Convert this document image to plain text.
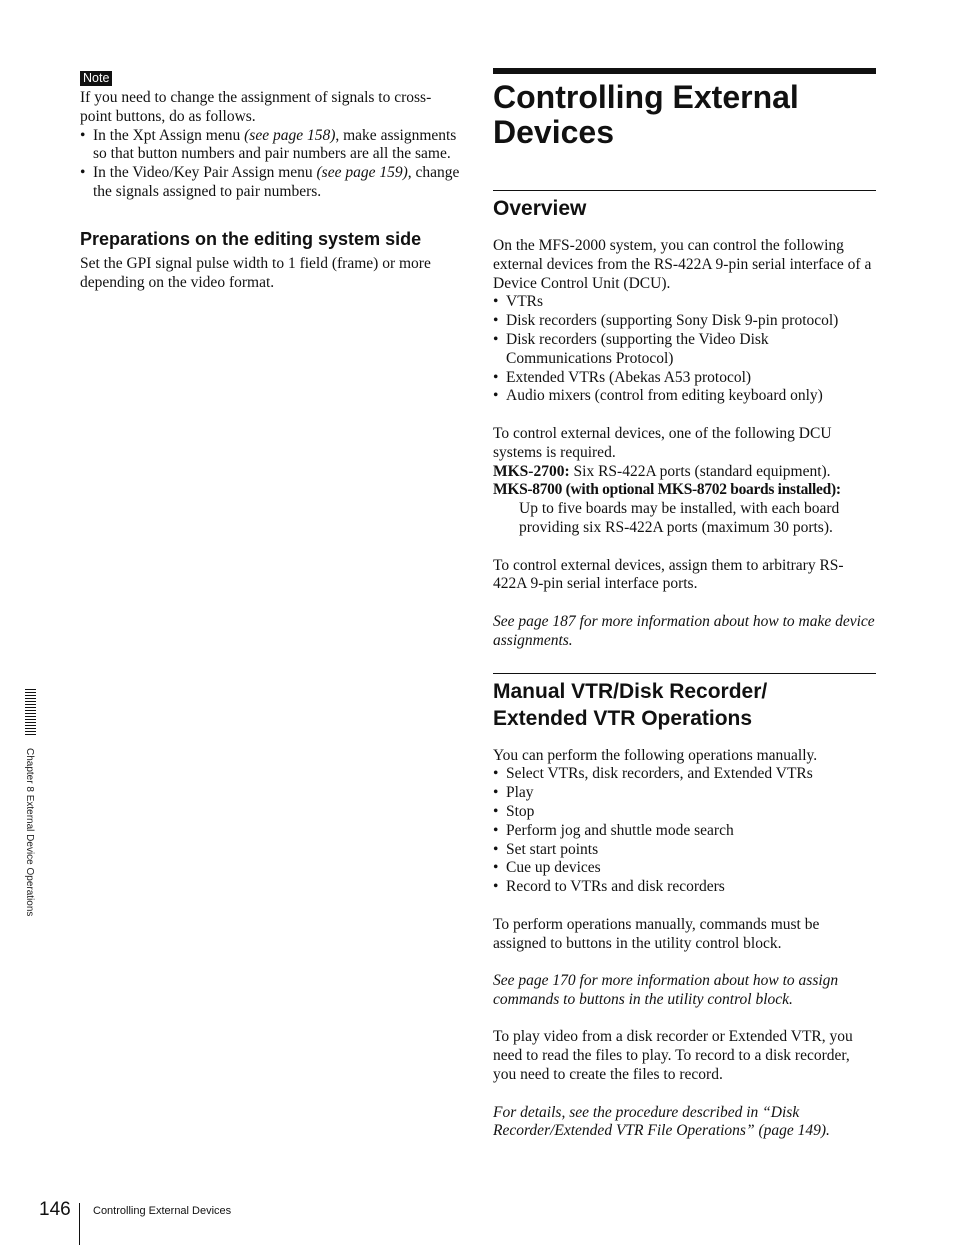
Note

If you need to change the assignment of signals to cross-point buttons, do as follows.

• In the Xpt Assign menu (see page 158), make assignments so that button numbers and pair numbers are all the same.
• In the Video/Key Pair Assign menu (see page 159), change the signals assigned to pair numbers.
Preparations on the editing system side

Set the GPI signal pulse width to 1 field (frame) or more depending on the video format.

Controlling External Devices
Overview

On the MFS-2000 system, you can control the following external devices from the RS-422A 9-pin serial interface of a Device Control Unit (DCU).

• VTRs
• Disk recorders (supporting Sony Disk 9-pin protocol)
• Disk recorders (supporting the Video Disk Communications Protocol)
• Extended VTRs (Abekas A53 protocol)
• Audio mixers (control from editing keyboard only)

To control external devices, one of the following DCU systems is required.

MKS-2700: Six RS-422A ports (standard equipment).

MKS-8700 (with optional MKS-8702 boards installed):

Up to five boards may be installed, with each board providing six RS-422A ports (maximum 30 ports).

To control external devices, assign them to arbitrary RS-422A 9-pin serial interface ports.

See page 187 for more information about how to make device assignments.

Manual VTR/Disk Recorder/
Extended VTR Operations

You can perform the following operations manually.

• Select VTRs, disk recorders, and Extended VTRs
• Play
• Stop
• Perform jog and shuttle mode search
• Set start points
• Cue up devices
• Record to VTRs and disk recorders

To perform operations manually, commands must be assigned to buttons in the utility control block.

See page 170 for more information about how to assign commands to buttons in the utility control block.

To play video from a disk recorder or Extended VTR, you need to read the files to play. To record to a disk recorder, you need to create the files to record.

For details, see the procedure described in “Disk Recorder/Extended VTR File Operations” (page 149).

Chapter 8 External Device Operations
146 Controlling External Devices
